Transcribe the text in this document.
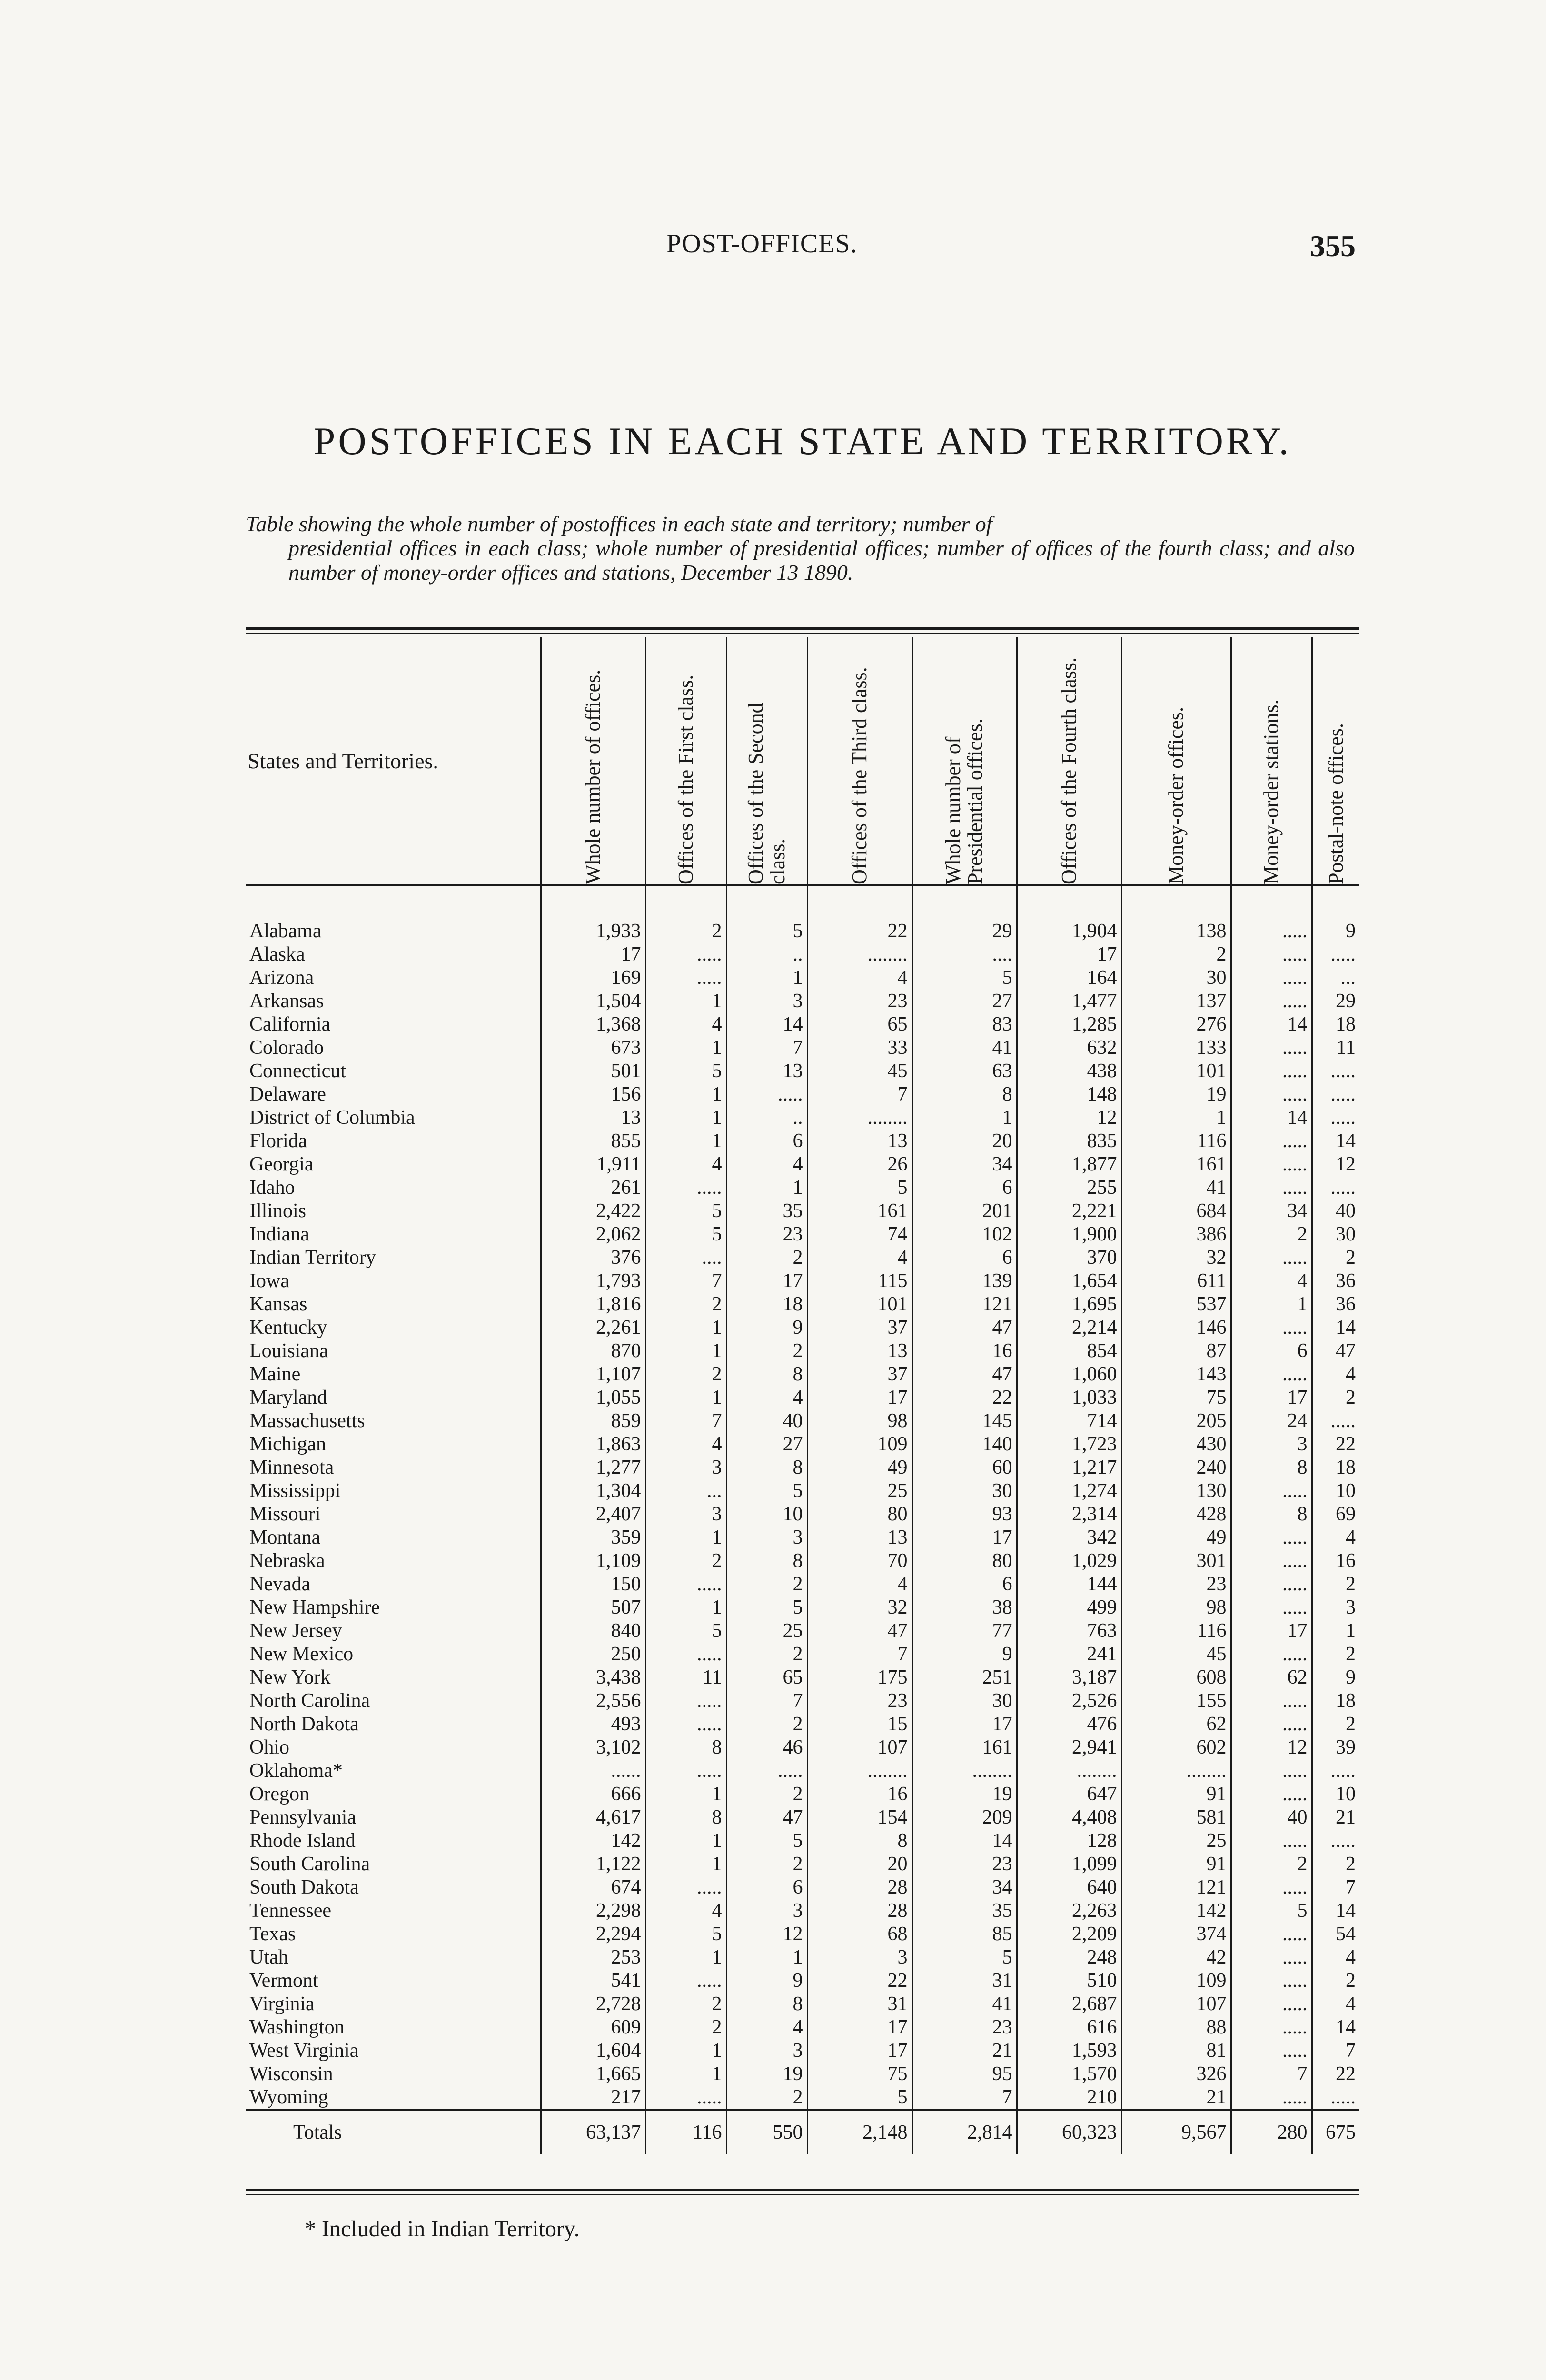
POST-OFFICES.	355
POSTOFFICES IN EACH STATE AND TERRITORY.
Table showing the whole number of postoffices in each state and territory; number of
presidential offices in each class; whole number of presidential offices; number of offices of the fourth class; and also number of money-order offices and stations, December 13 1890.
States and Territories.	Whole number of offices.	Offices of the First class.	Offices of the Second class.	Offices of the Third class.	Whole number of Presidential offices.	Offices of the Fourth class.	Money-order offices.	Money-order stations.	Postal-note offices.

Alabama	1,933	2	5	22	29	1,904	138	.....	9
Alaska	17	.....	..	........	....	17	2	.....	.....
Arizona	169	.....	1	4	5	164	30	.....	...
Arkansas	1,504	1	3	23	27	1,477	137	.....	29
California	1,368	4	14	65	83	1,285	276	14	18
Colorado	673	1	7	33	41	632	133	.....	11
Connecticut	501	5	13	45	63	438	101	.....	.....
Delaware	156	1	.....	7	8	148	19	.....	.....
District of Columbia	13	1	..	........	1	12	1	14	.....
Florida	855	1	6	13	20	835	116	.....	14
Georgia	1,911	4	4	26	34	1,877	161	.....	12
Idaho	261	.....	1	5	6	255	41	.....	.....
Illinois	2,422	5	35	161	201	2,221	684	34	40
Indiana	2,062	5	23	74	102	1,900	386	2	30
Indian Territory	376	....	2	4	6	370	32	.....	2
Iowa	1,793	7	17	115	139	1,654	611	4	36
Kansas	1,816	2	18	101	121	1,695	537	1	36
Kentucky	2,261	1	9	37	47	2,214	146	.....	14
Louisiana	870	1	2	13	16	854	87	6	47
Maine	1,107	2	8	37	47	1,060	143	.....	4
Maryland	1,055	1	4	17	22	1,033	75	17	2
Massachusetts	859	7	40	98	145	714	205	24	.....
Michigan	1,863	4	27	109	140	1,723	430	3	22
Minnesota	1,277	3	8	49	60	1,217	240	8	18
Mississippi	1,304	...	5	25	30	1,274	130	.....	10
Missouri	2,407	3	10	80	93	2,314	428	8	69
Montana	359	1	3	13	17	342	49	.....	4
Nebraska	1,109	2	8	70	80	1,029	301	.....	16
Nevada	150	.....	2	4	6	144	23	.....	2
New Hampshire	507	1	5	32	38	499	98	.....	3
New Jersey	840	5	25	47	77	763	116	17	1
New Mexico	250	.....	2	7	9	241	45	.....	2
New York	3,438	11	65	175	251	3,187	608	62	9
North Carolina	2,556	.....	7	23	30	2,526	155	.....	18
North Dakota	493	.....	2	15	17	476	62	.....	2
Ohio	3,102	8	46	107	161	2,941	602	12	39
Oklahoma*	......	.....	.....	........	........	........	........	.....	.....
Oregon	666	1	2	16	19	647	91	.....	10
Pennsylvania	4,617	8	47	154	209	4,408	581	40	21
Rhode Island	142	1	5	8	14	128	25	.....	.....
South Carolina	1,122	1	2	20	23	1,099	91	2	2
South Dakota	674	.....	6	28	34	640	121	.....	7
Tennessee	2,298	4	3	28	35	2,263	142	5	14
Texas	2,294	5	12	68	85	2,209	374	.....	54
Utah	253	1	1	3	5	248	42	.....	4
Vermont	541	.....	9	22	31	510	109	.....	2
Virginia	2,728	2	8	31	41	2,687	107	.....	4
Washington	609	2	4	17	23	616	88	.....	14
West Virginia	1,604	1	3	17	21	1,593	81	.....	7
Wisconsin	1,665	1	19	75	95	1,570	326	7	22
Wyoming	217	.....	2	5	7	210	21	.....	.....
Totals	63,137	116	550	2,148	2,814	60,323	9,567	280	675
* Included in Indian Territory.
